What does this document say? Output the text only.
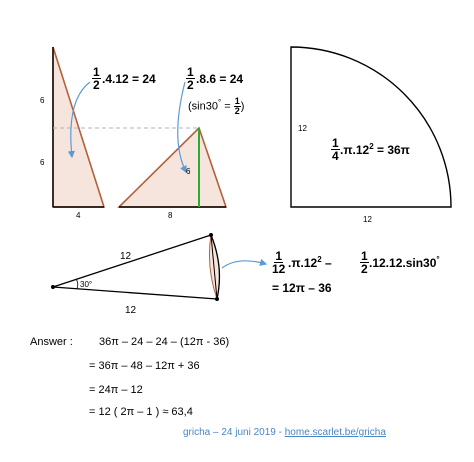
6
6
4
$\frac{1}{2} .4.12 = 24$
6
8
$\frac{1}{2} .8.6 = 24$
($\sin 30^\circ = \frac{1}{2}$ )
12
12
$\frac{1}{4} .\pi.12^2 = 36\pi$
12
12
30°
$\frac{1}{12} .\pi.12^2 - \frac{1}{2} .12.12.\sin 30^\circ$
= 12π – 36
Answer : 36π – 24 – 24 – (12π - 36)
= 36π – 48 – 12π + 36
= 24π – 12
= 12 ( 2π – 1 ) ≈ 63,4
gricha – 24 juni 2019 - home.scarlet.be/gricha
